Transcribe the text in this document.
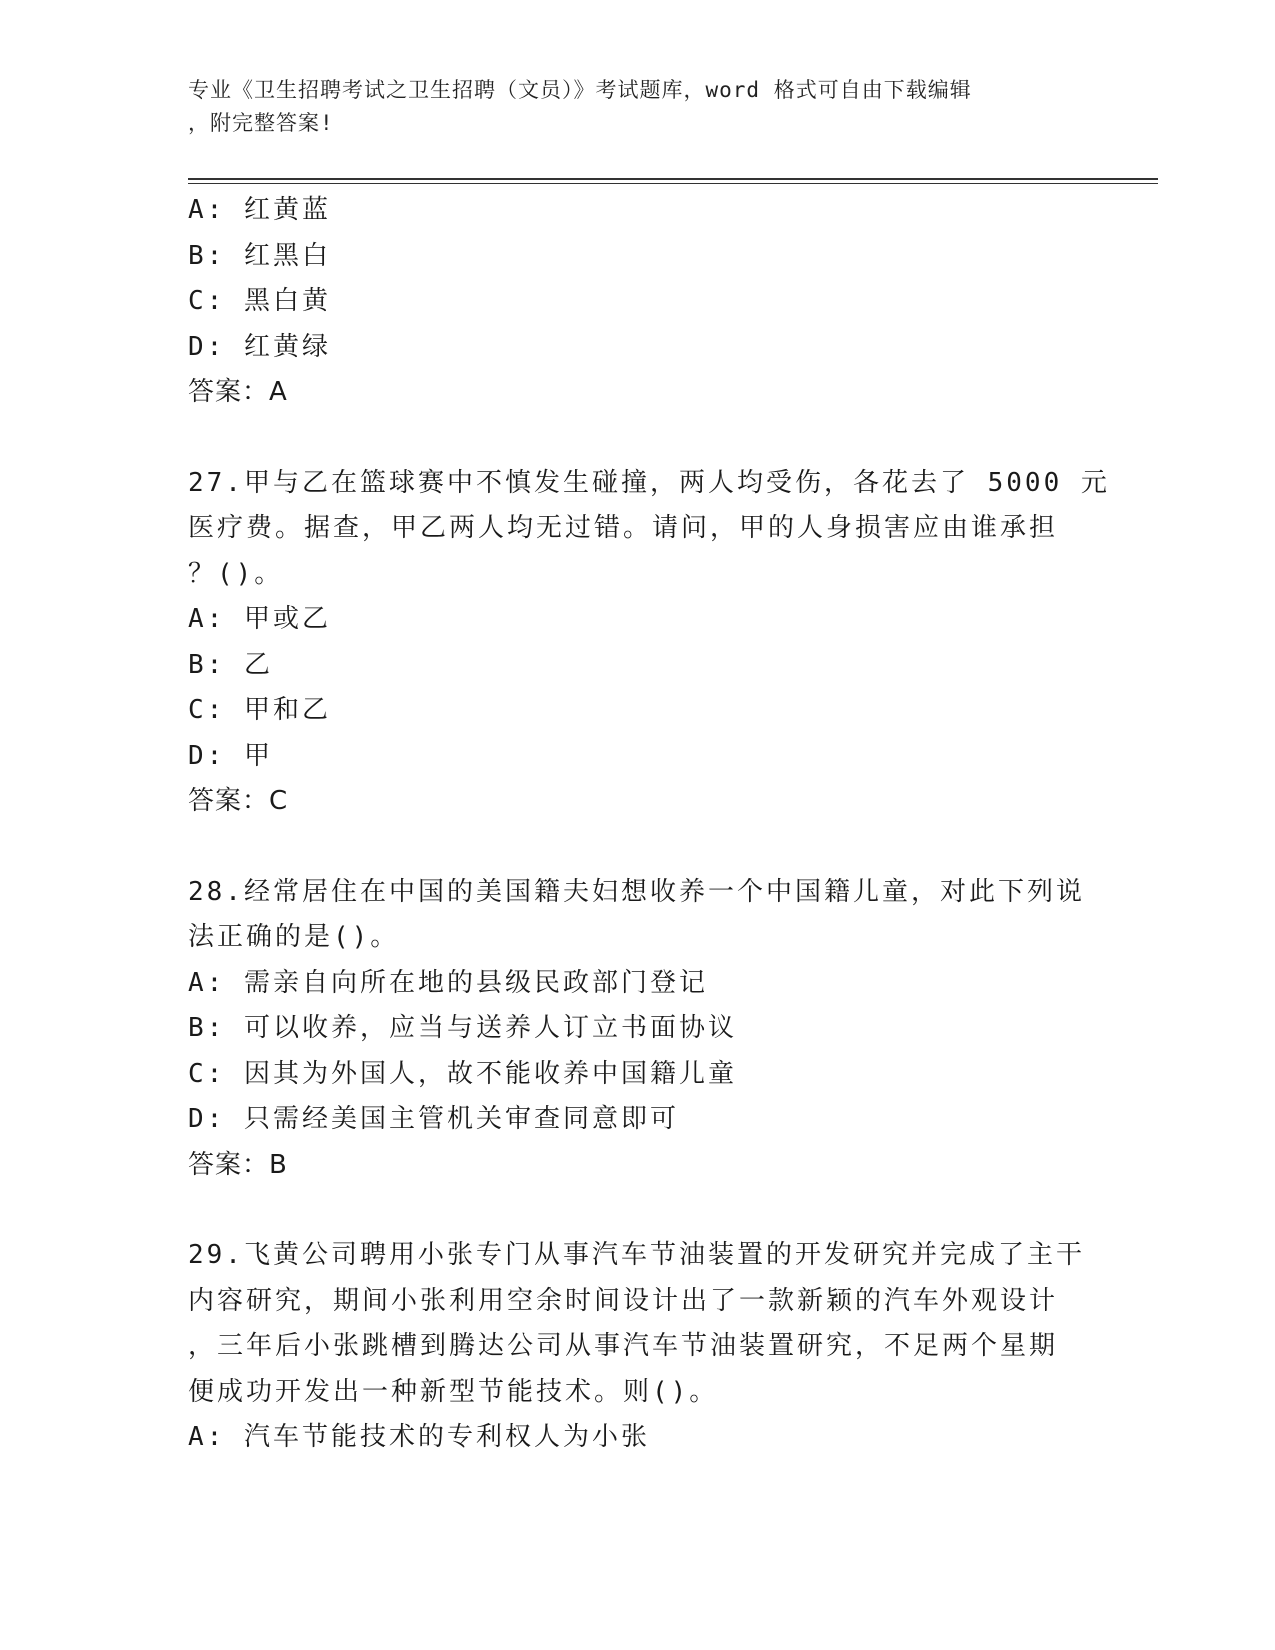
专业《卫生招聘考试之卫生招聘（文员）》考试题库，word 格式可自由下载编辑
，附完整答案!
A: 红黄蓝
B: 红黑白
C: 黑白黄
D: 红黄绿
答案：A
27.甲与乙在篮球赛中不慎发生碰撞，两人均受伤，各花去了 5000 元
医疗费。据查，甲乙两人均无过错。请问，甲的人身损害应由谁承担
？()。
A: 甲或乙
B: 乙
C: 甲和乙
D: 甲
答案：C
28.经常居住在中国的美国籍夫妇想收养一个中国籍儿童，对此下列说
法正确的是()。
A: 需亲自向所在地的县级民政部门登记
B: 可以收养，应当与送养人订立书面协议
C: 因其为外国人，故不能收养中国籍儿童
D: 只需经美国主管机关审查同意即可
答案：B
29.飞黄公司聘用小张专门从事汽车节油装置的开发研究并完成了主干
内容研究，期间小张利用空余时间设计出了一款新颖的汽车外观设计
，三年后小张跳槽到腾达公司从事汽车节油装置研究，不足两个星期
便成功开发出一种新型节能技术。则()。
A: 汽车节能技术的专利权人为小张
